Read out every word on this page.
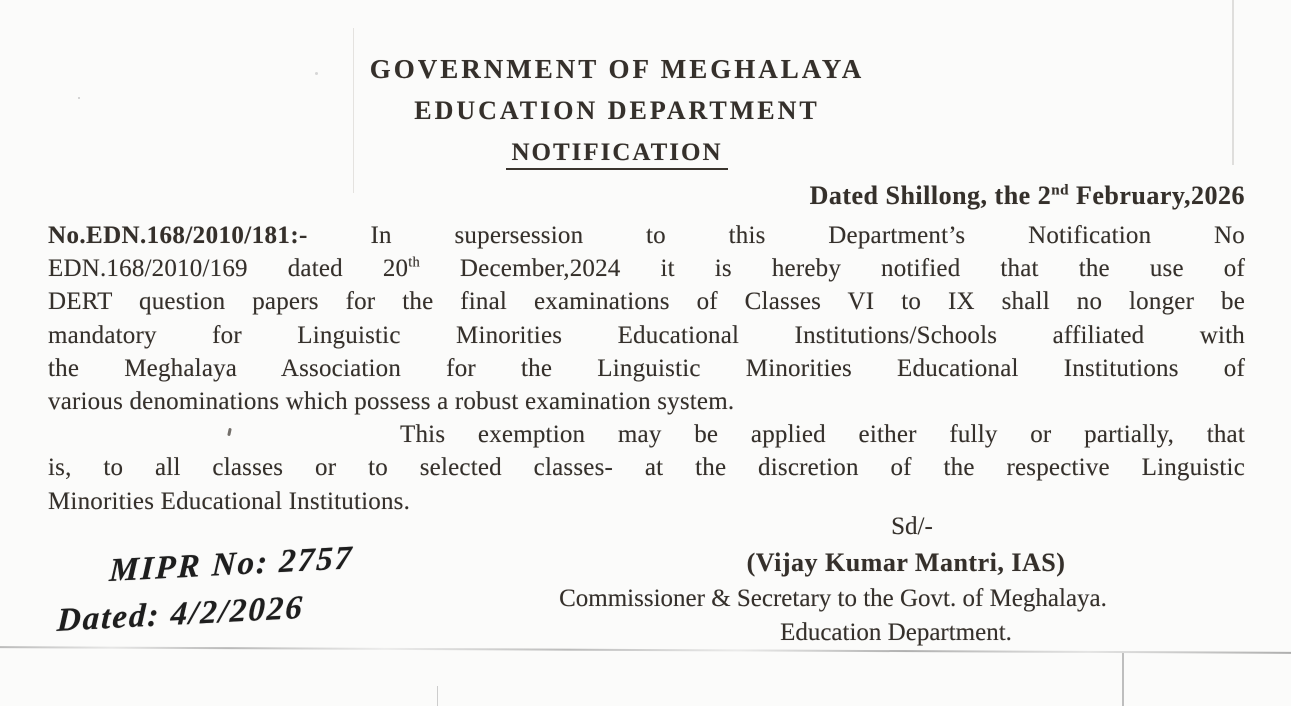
GOVERNMENT OF MEGHALAYA
EDUCATION DEPARTMENT
NOTIFICATION
Dated Shillong, the 2nd February,2026
No.EDN.168/2010/181:- In supersession to this Department’s Notification No
EDN.168/2010/169 dated 20th December,2024 it is hereby notified that the use of
DERT question papers for the final examinations of Classes VI to IX shall no longer be
mandatory for Linguistic Minorities Educational Institutions/Schools affiliated with
the Meghalaya Association for the Linguistic Minorities Educational Institutions of
various denominations which possess a robust examination system.
This exemption may be applied either fully or partially, that
is, to all classes or to selected classes- at the discretion of the respective Linguistic
Minorities Educational Institutions.
Sd/-
(Vijay Kumar Mantri, IAS)
Commissioner & Secretary to the Govt. of Meghalaya.
Education Department.
MIPR No: 2757
Dated: 4/2/2026
